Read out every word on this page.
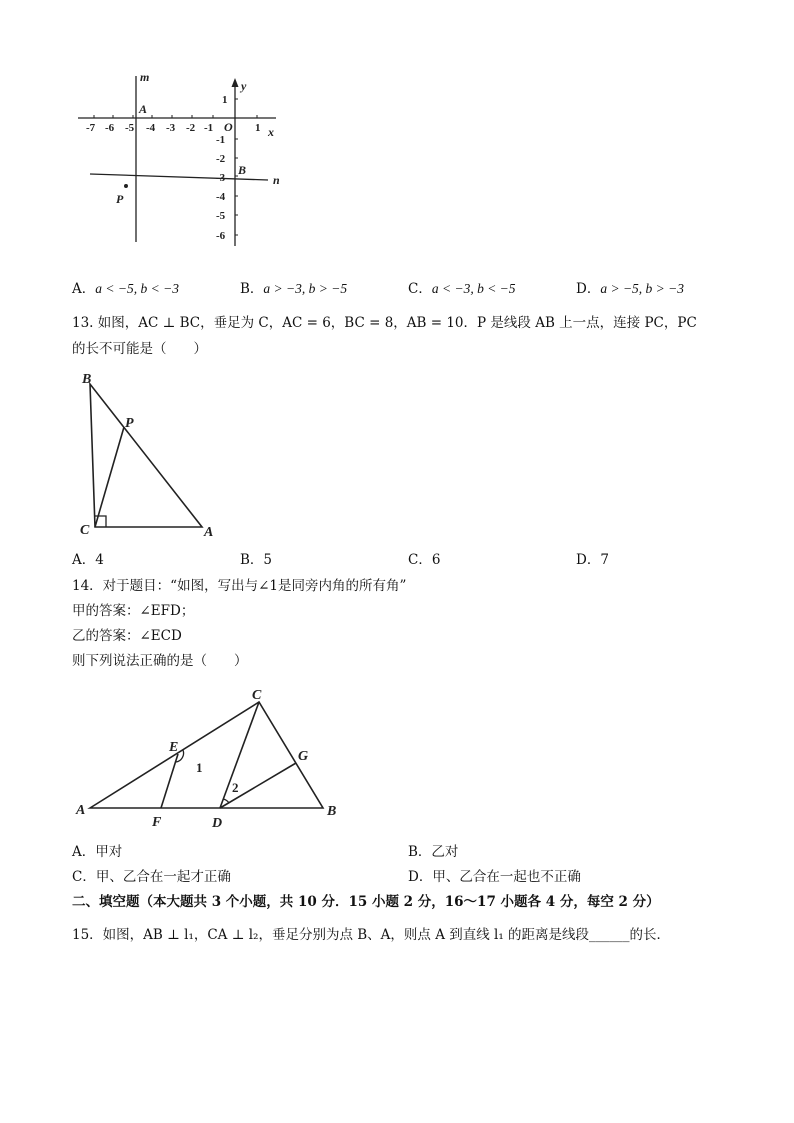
-7 -6 -5 -4 -3 -2 -1	1
1
-1
-2
-3
-4
-5
-6
m
y
x
n
A
O
B
P
A．a < −5, b < −3	B．a > −3, b > −5	C．a < −3, b < −5	D．a > −5, b > −3
13. 如图，AC ⊥ BC，垂足为 C，AC = 6，BC = 8，AB = 10．P 是线段 AB 上一点，连接 PC，PC
的长不可能是（　　）
B
P
C	A
A．4	B．5	C．6	D．7
14．对于题目：“如图，写出与∠1是同旁内角的所有角”
甲的答案：∠EFD；
乙的答案：∠ECD
则下列说法正确的是（　　）
C
E
G
A
F	D
B
1
2
A．甲对	B．乙对
C．甲、乙合在一起才正确	D．甲、乙合在一起也不正确
二、填空题（本大题共 3 个小题，共 10 分．15 小题 2 分，16～17 小题各 4 分，每空 2 分）
15．如图，AB ⊥ l₁，CA ⊥ l₂，垂足分别为点 B、A，则点 A 到直线 l₁ 的距离是线段______的长．
